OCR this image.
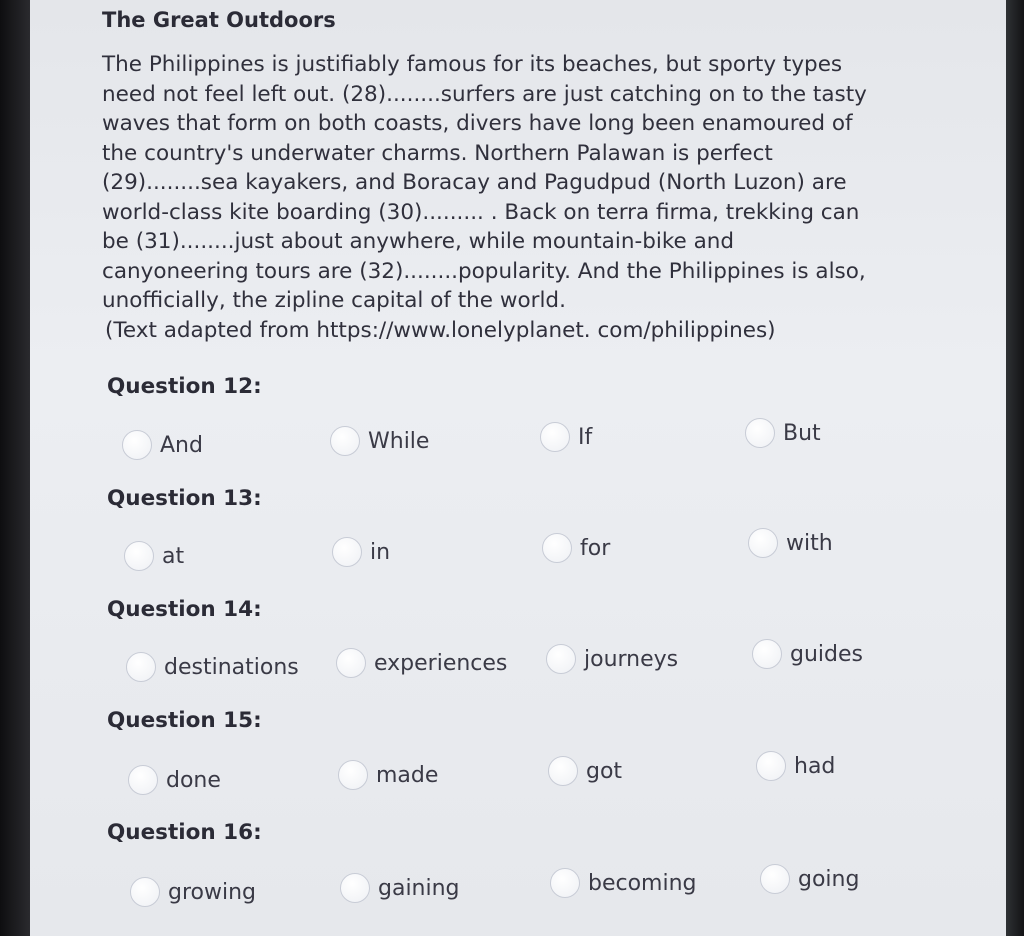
The Great Outdoors
The Philippines is justifiably famous for its beaches, but sporty types
need not feel left out. (28)........surfers are just catching on to the tasty
waves that form on both coasts, divers have long been enamoured of
the country's underwater charms. Northern Palawan is perfect
(29)........sea kayakers, and Boracay and Pagudpud (North Luzon) are
world-class kite boarding (30)......... . Back on terra firma, trekking can
be (31)........just about anywhere, while mountain-bike and
canyoneering tours are (32)........popularity. And the Philippines is also,
unofficially, the zipline capital of the world.
(Text adapted from https://www.lonelyplanet. com/philippines)
Question 12:
And	While	If	But
Question 13:
at	in	for	with
Question 14:
destinations	experiences	journeys	guides
Question 15:
done	made	got	had
Question 16:
growing	gaining	becoming	going
